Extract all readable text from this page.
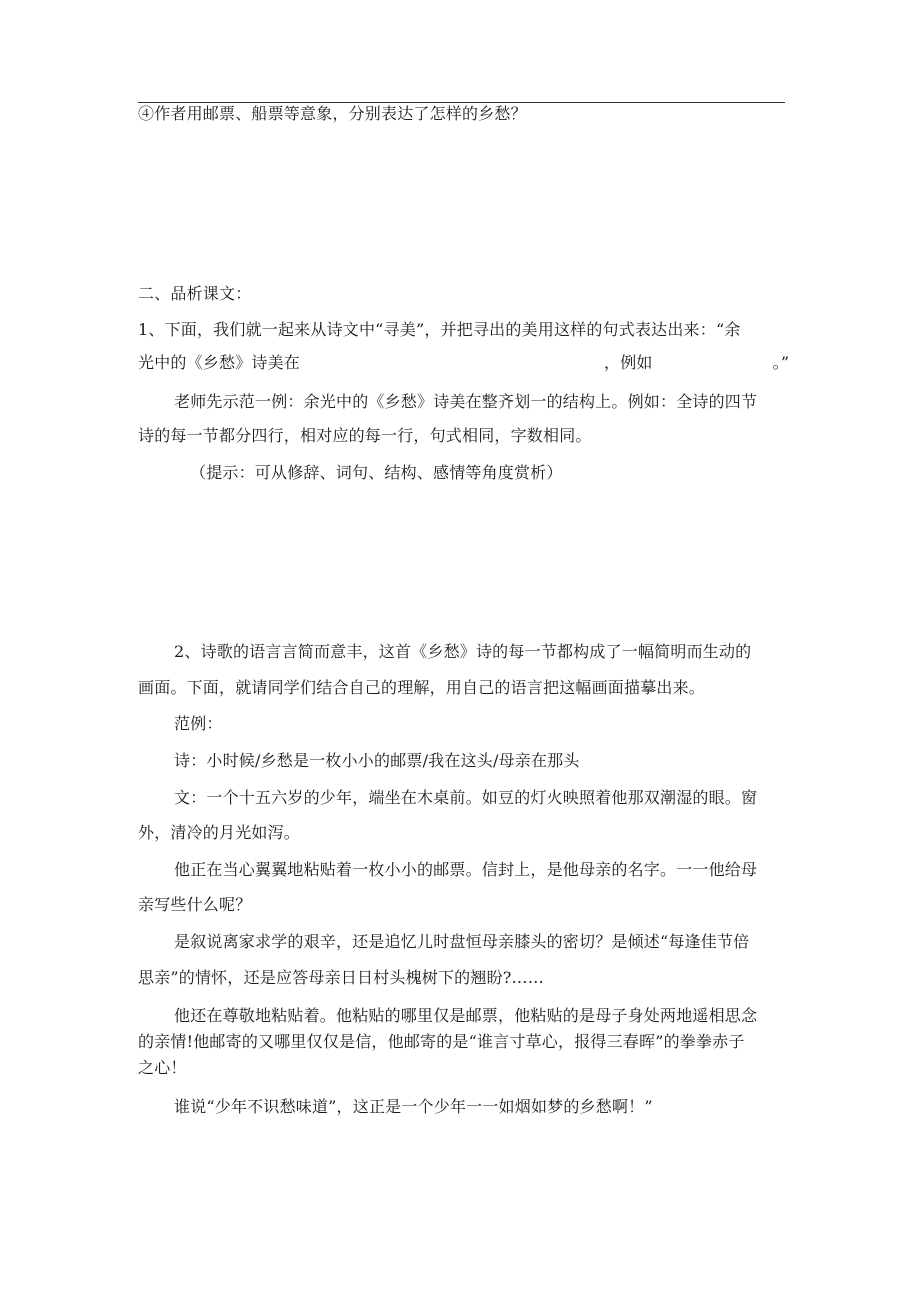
④作者用邮票、船票等意象，分别表达了怎样的乡愁？
二、品析课文：
1、下面，我们就一起来从诗文中“寻美”，并把寻出的美用这样的句式表达出来：“余
光中的《乡愁》诗美在	，例如	。”
老师先示范一例：余光中的《乡愁》诗美在整齐划一的结构上。例如：全诗的四节
诗的每一节都分四行，相对应的每一行，句式相同，字数相同。
（提示：可从修辞、词句、结构、感情等角度赏析）
2、诗歌的语言言简而意丰，这首《乡愁》诗的每一节都构成了一幅简明而生动的
画面。下面，就请同学们结合自己的理解，用自己的语言把这幅画面描摹出来。
范例：
诗：小时候/乡愁是一枚小小的邮票/我在这头/母亲在那头
文：一个十五六岁的少年，端坐在木桌前。如豆的灯火映照着他那双潮湿的眼。窗
外，清冷的月光如泻。
他正在当心翼翼地粘贴着一枚小小的邮票。信封上，是他母亲的名字。一一他给母
亲写些什么呢？
是叙说离家求学的艰辛，还是追忆儿时盘恒母亲膝头的密切？是倾述“每逢佳节倍
思亲”的情怀，还是应答母亲日日村头槐树下的翘盼?……
他还在尊敬地粘贴着。他粘贴的哪里仅是邮票，他粘贴的是母子身处两地遥相思念
的亲情!他邮寄的又哪里仅仅是信，他邮寄的是“谁言寸草心，报得三春晖”的拳拳赤子
之心！
谁说“少年不识愁味道”，这正是一个少年一一如烟如梦的乡愁啊！”
